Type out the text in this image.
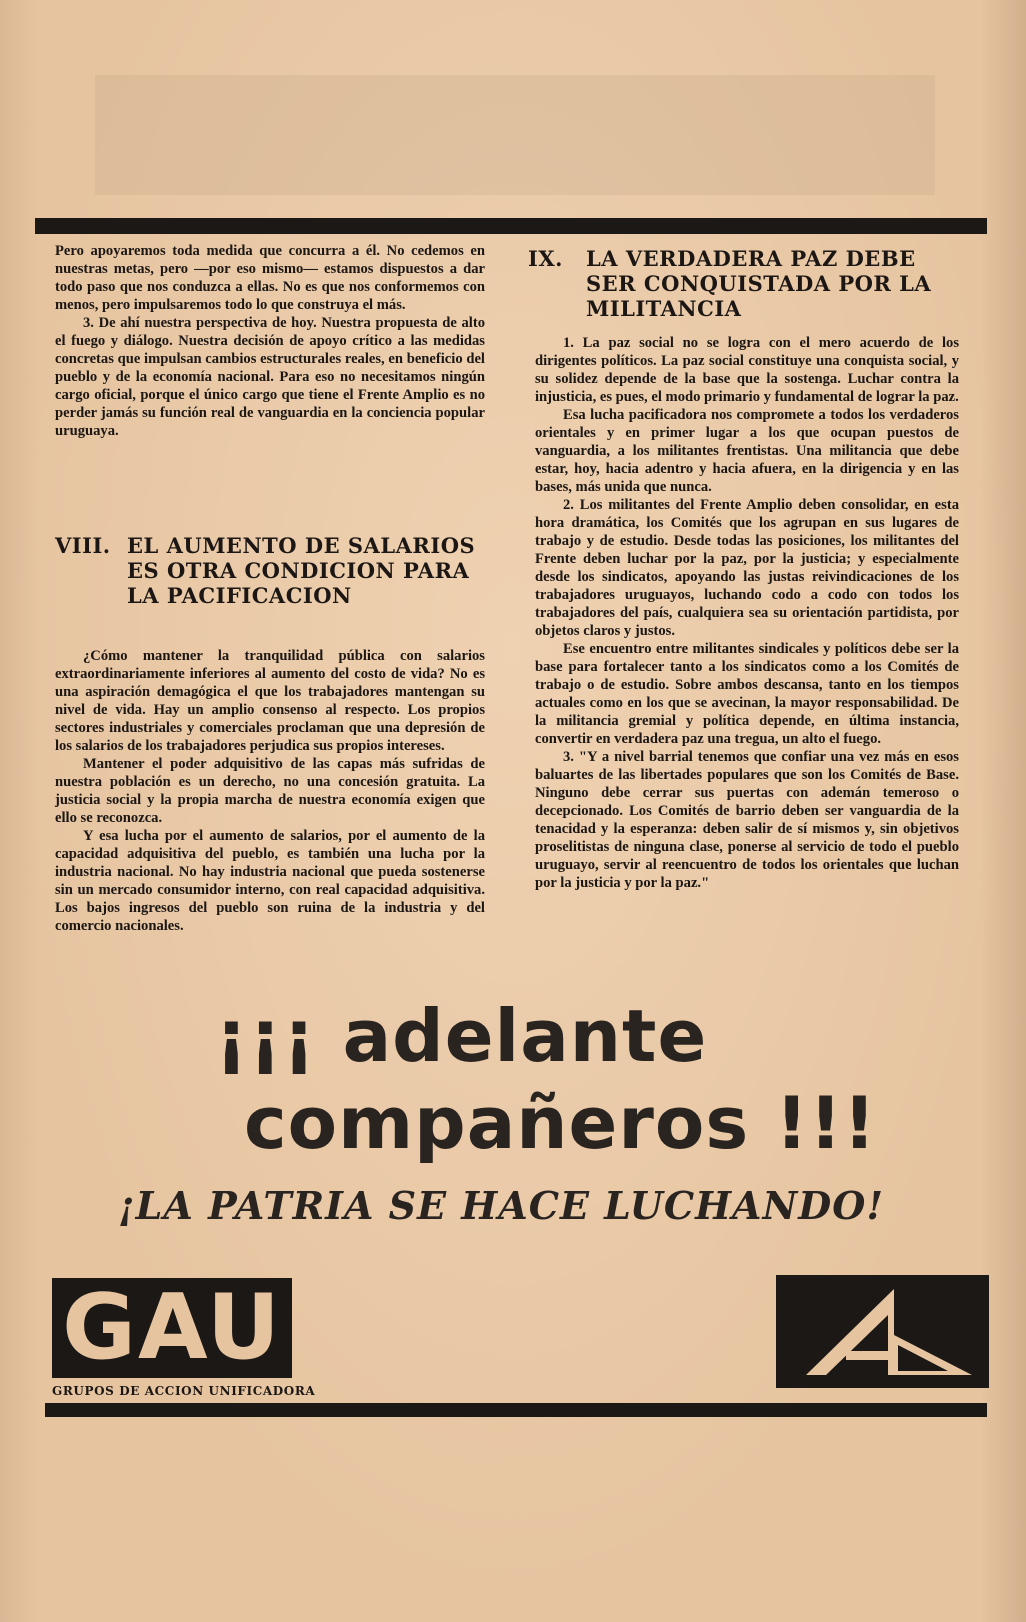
Pero apoyaremos toda medida que concurra a él. No cedemos en nuestras metas, pero —por eso mismo— estamos dispuestos a dar todo paso que nos conduzca a ellas. No es que nos conformemos con menos, pero impulsaremos todo lo que construya el más.

3. De ahí nuestra perspectiva de hoy. Nuestra propuesta de alto el fuego y diálogo. Nuestra decisión de apoyo crítico a las medidas concretas que impulsan cambios estructurales reales, en beneficio del pueblo y de la economía nacional. Para eso no necesitamos ningún cargo oficial, porque el único cargo que tiene el Frente Amplio es no perder jamás su función real de vanguardia en la conciencia popular uruguaya.

VIII. EL AUMENTO DE SALARIOS ES OTRA CONDICION PARA LA PACIFICACION

¿Cómo mantener la tranquilidad pública con salarios extraordinariamente inferiores al aumento del costo de vida? No es una aspiración demagógica el que los trabajadores mantengan su nivel de vida. Hay un amplio consenso al respecto. Los propios sectores industriales y comerciales proclaman que una depresión de los salarios de los trabajadores perjudica sus propios intereses.

Mantener el poder adquisitivo de las capas más sufridas de nuestra población es un derecho, no una concesión gratuita. La justicia social y la propia marcha de nuestra economía exigen que ello se reconozca.

Y esa lucha por el aumento de salarios, por el aumento de la capacidad adquisitiva del pueblo, es también una lucha por la industria nacional. No hay industria nacional que pueda sostenerse sin un mercado consumidor interno, con real capacidad adquisitiva. Los bajos ingresos del pueblo son ruina de la industria y del comercio nacionales.

IX. LA VERDADERA PAZ DEBE SER CONQUISTADA POR LA MILITANCIA

1. La paz social no se logra con el mero acuerdo de los dirigentes políticos. La paz social constituye una conquista social, y su solidez depende de la base que la sostenga. Luchar contra la injusticia, es pues, el modo primario y fundamental de lograr la paz.

Esa lucha pacificadora nos compromete a todos los verdaderos orientales y en primer lugar a los que ocupan puestos de vanguardia, a los militantes frentistas. Una militancia que debe estar, hoy, hacia adentro y hacia afuera, en la dirigencia y en las bases, más unida que nunca.

2. Los militantes del Frente Amplio deben consolidar, en esta hora dramática, los Comités que los agrupan en sus lugares de trabajo y de estudio. Desde todas las posiciones, los militantes del Frente deben luchar por la paz, por la justicia; y especialmente desde los sindicatos, apoyando las justas reivindicaciones de los trabajadores uruguayos, luchando codo a codo con todos los trabajadores del país, cualquiera sea su orientación partidista, por objetos claros y justos.

Ese encuentro entre militantes sindicales y políticos debe ser la base para fortalecer tanto a los sindicatos como a los Comités de trabajo o de estudio. Sobre ambos descansa, tanto en los tiempos actuales como en los que se avecinan, la mayor responsabilidad. De la militancia gremial y política depende, en última instancia, convertir en verdadera paz una tregua, un alto el fuego.

3. "Y a nivel barrial tenemos que confiar una vez más en esos baluartes de las libertades populares que son los Comités de Base. Ninguno debe cerrar sus puertas con ademán temeroso o decepcionado. Los Comités de barrio deben ser vanguardia de la tenacidad y la esperanza: deben salir de sí mismos y, sin objetivos proselitistas de ninguna clase, ponerse al servicio de todo el pueblo uruguayo, servir al reencuentro de todos los orientales que luchan por la justicia y por la paz."

¡¡¡ adelante
compañeros !!!
¡LA PATRIA SE HACE LUCHANDO!
GAU
GRUPOS DE ACCION UNIFICADORA
